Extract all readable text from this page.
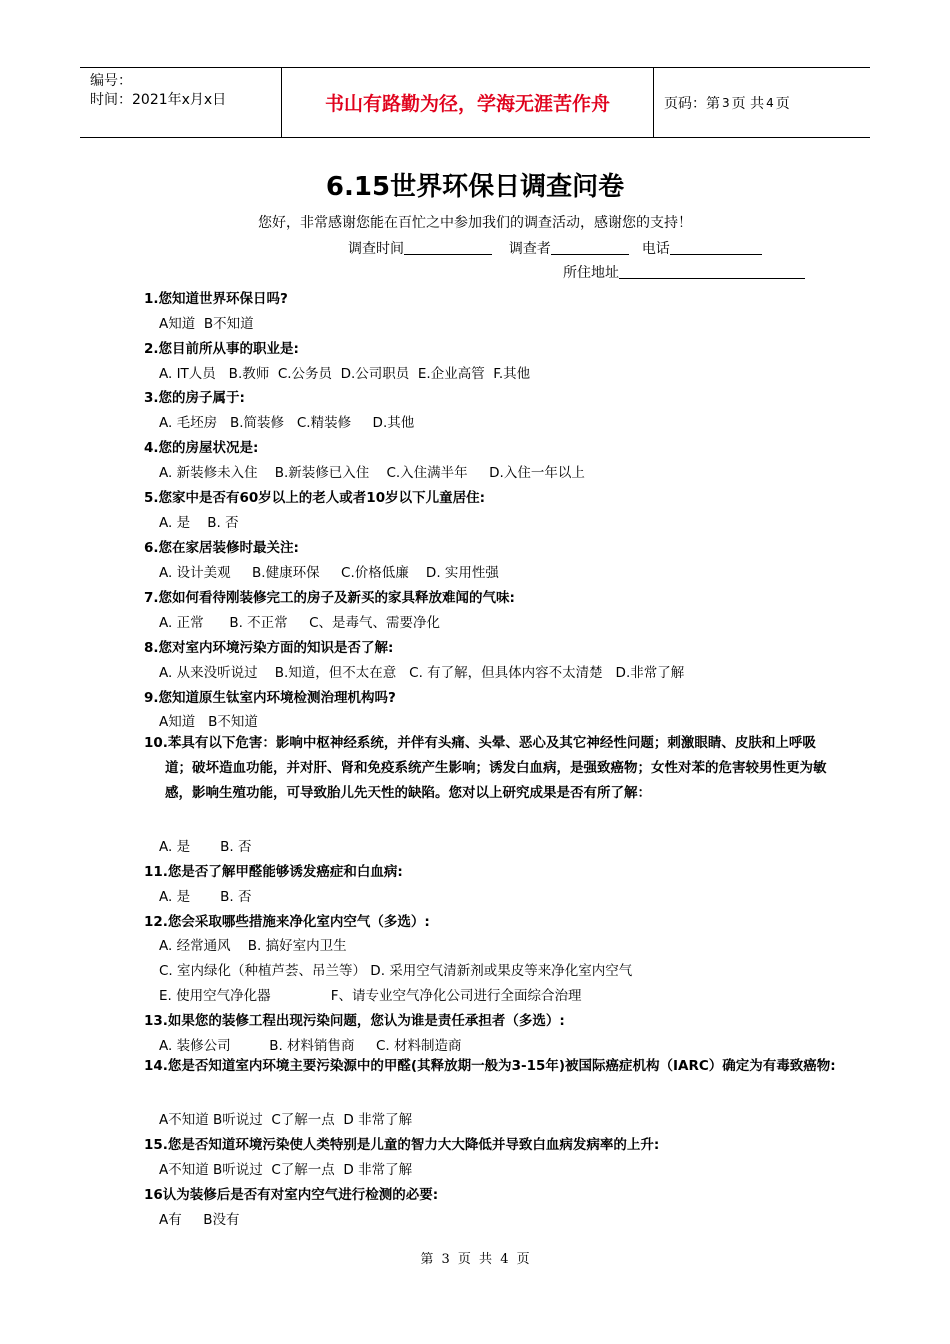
编号：
时间：2021年x月x日	书山有路勤为径，学海无涯苦作舟	页码：第 3 页 共 4 页
6.15世界环保日调查问卷
您好，非常感谢您能在百忙之中参加我们的调查活动，感谢您的支持！
调查时间	调查者	电话
所住地址
1.您知道世界环保日吗?
A知道  B不知道
2.您目前所从事的职业是:
A. IT人员   B.教师  C.公务员  D.公司职员  E.企业高管  F.其他
3.您的房子属于:
A. 毛坯房   B.简装修   C.精装修     D.其他
4.您的房屋状况是:
A. 新装修未入住    B.新装修已入住    C.入住满半年     D.入住一年以上
5.您家中是否有60岁以上的老人或者10岁以下儿童居住:
A. 是    B. 否
6.您在家居装修时最关注:
A. 设计美观     B.健康环保     C.价格低廉    D. 实用性强
7.您如何看待刚装修完工的房子及新买的家具释放难闻的气味:
A. 正常      B. 不正常     C、是毒气、需要净化
8.您对室内环境污染方面的知识是否了解:
A. 从来没听说过    B.知道，但不太在意   C. 有了解，但具体内容不太清楚   D.非常了解
9.您知道原生钛室内环境检测治理机构吗?
A知道   B不知道
10.苯具有以下危害：影响中枢神经系统，并伴有头痛、头晕、恶心及其它神经性问题；刺激眼睛、皮肤和上呼吸道；破坏造血功能，并对肝、肾和免疫系统产生影响；诱发白血病，是强致癌物；女性对苯的危害较男性更为敏感，影响生殖功能，可导致胎儿先天性的缺陷。您对以上研究成果是否有所了解：
A. 是       B. 否
11.您是否了解甲醛能够诱发癌症和白血病:
A. 是       B. 否
12.您会采取哪些措施来净化室内空气（多选）:
A. 经常通风    B. 搞好室内卫生
C. 室内绿化（种植芦荟、吊兰等） D. 采用空气清新剂或果皮等来净化室内空气
E. 使用空气净化器              F、请专业空气净化公司进行全面综合治理
13.如果您的装修工程出现污染问题，您认为谁是责任承担者（多选）:
A. 装修公司         B. 材料销售商     C. 材料制造商
14.您是否知道室内环境主要污染源中的甲醛(其释放期一般为3-15年)被国际癌症机构（IARC）确定为有毒致癌物:
A不知道 B听说过  C了解一点  D 非常了解
15.您是否知道环境污染使人类特别是儿童的智力大大降低并导致白血病发病率的上升:
A不知道 B听说过  C了解一点  D 非常了解
16认为装修后是否有对室内空气进行检测的必要:
A有     B没有
第 3 页 共 4 页
